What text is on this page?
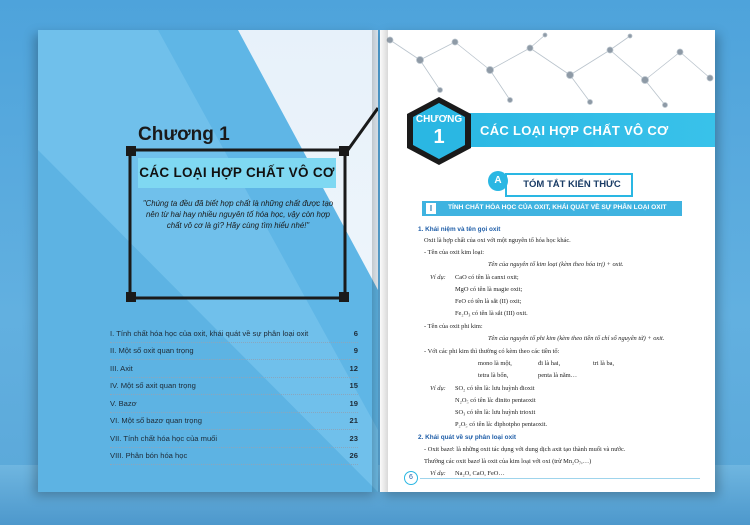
Chương 1
CÁC LOẠI HỢP CHẤT VÔ CƠ
"Chúng ta đều đã biết hợp chất là những chất được tạo nên từ hai hay nhiều nguyên tố hóa học, vậy còn hợp chất vô cơ là gì? Hãy cùng tìm hiểu nhé!"
I. Tính chất hóa học của oxit, khái quát về sự phân loại oxit	6
II. Một số oxit quan trọng	9
III. Axit	12
IV. Một số axit quan trọng	15
V. Bazơ	19
VI. Một số bazơ quan trọng	21
VII. Tính chất hóa học của muối	23
VIII. Phân bón hóa học	26
CHƯƠNG
1	CÁC LOẠI HỢP CHẤT VÔ CƠ
A	TÓM TẮT KIẾN THỨC
I	TÍNH CHẤT HÓA HỌC CỦA OXIT, KHÁI QUÁT VỀ SỰ PHÂN LOẠI OXIT
1. Khái niệm và tên gọi oxit
Oxit là hợp chất của oxi với một nguyên tố hóa học khác.
- Tên của oxit kim loại:
Tên của nguyên tố kim loại (kèm theo hóa trị) + oxit.
Ví dụ: CaO có tên là canxi oxit;
MgO có tên là magie oxit;
FeO có tên là sắt (II) oxit;
Fe₂O₃ có tên là sắt (III) oxit.
- Tên của oxit phi kim:
Tên của nguyên tố phi kim (kèm theo tiền tố chỉ số nguyên tử) + oxit.
- Với các phi kim thì thường có kèm theo các tiền tố:
mono là một,	đi là hai,	tri là ba,
tetra là bốn,	penta là năm…
Ví dụ: SO₂ có tên là: lưu huỳnh đioxit
N₂O₅ có tên là: đinito pentaoxit
SO₃ có tên là: lưu huỳnh trioxit
P₂O₅ có tên là: điphotpho pentaoxit.
2. Khái quát về sự phân loại oxit
- Oxit bazơ: là những oxit tác dụng với dung dịch axit tạo thành muối và nước.
Thường các oxit bazơ là oxit của kim loại với oxi (trừ Mn₂O₇,…)
Ví dụ: Na₂O, CaO, FeO…
6
